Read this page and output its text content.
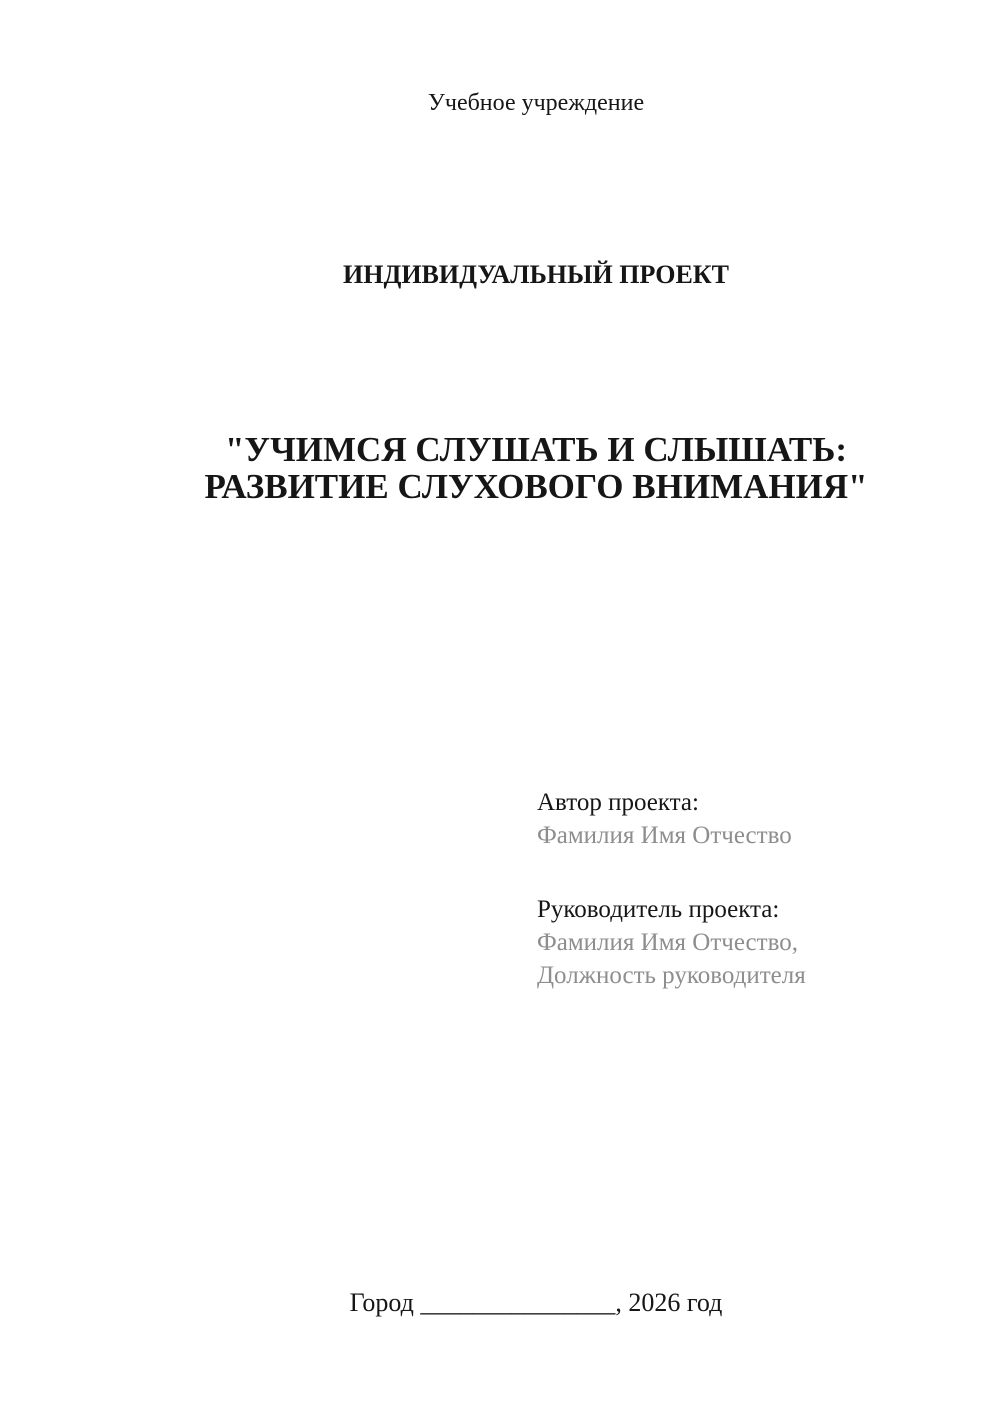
Учебное учреждение
ИНДИВИДУАЛЬНЫЙ ПРОЕКТ
"УЧИМСЯ СЛУШАТЬ И СЛЫШАТЬ:
РАЗВИТИЕ СЛУХОВОГО ВНИМАНИЯ"
Автор проекта:
Фамилия Имя Отчество
Руководитель проекта:
Фамилия Имя Отчество,
Должность руководителя
Город _______________, 2026 год
